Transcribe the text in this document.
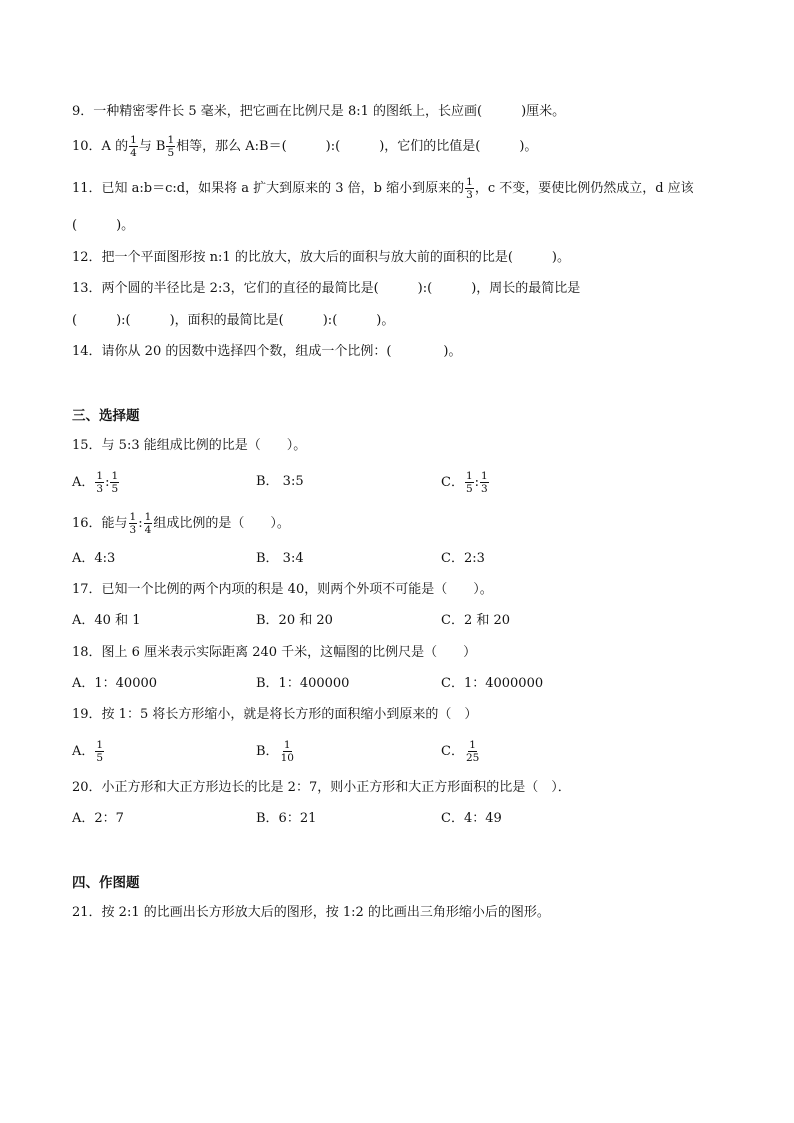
9．一种精密零件长 5 毫米，把它画在比例尺是 8:1 的图纸上，长应画(　　　)厘米。
10．A 的 $\frac{1}{4}$ 与 B $\frac{1}{5}$ 相等，那么 A:B＝(　　　):(　　　)，它们的比值是(　　　)。
11．已知 a:b＝c:d，如果将 a 扩大到原来的 3 倍，b 缩小到原来的 $\frac{1}{3}$ ，c 不变，要使比例仍然成立，d 应该
(　　　)。
12．把一个平面图形按 n:1 的比放大，放大后的面积与放大前的面积的比是(　　　)。
13．两个圆的半径比是 2:3，它们的直径的最简比是(　　　):(　　　)，周长的最简比是
(　　　):(　　　)，面积的最简比是(　　　):(　　　)。
14．请你从 20 的因数中选择四个数，组成一个比例：(　　　　)。
三、选择题
15．与 5:3 能组成比例的比是（　　）。
A． $\frac{1}{3}$ : $\frac{1}{5}$	B． 3:5	C． $\frac{1}{5}$ : $\frac{1}{3}$
16．能与 $\frac{1}{3}$ : $\frac{1}{4}$ 组成比例的是（　　）。
A．4:3	B． 3:4	C．2:3
17．已知一个比例的两个内项的积是 40，则两个外项不可能是（　　）。
A．40 和 1	B．20 和 20	C．2 和 20
18．图上 6 厘米表示实际距离 240 千米，这幅图的比例尺是（　　）
A．1：40000	B．1：400000	C．1：4000000
19．按 1：5 将长方形缩小，就是将长方形的面积缩小到原来的（　）
A． $\frac{1}{5}$	B． $\frac{1}{10}$	C． $\frac{1}{25}$
20．小正方形和大正方形边长的比是 2：7，则小正方形和大正方形面积的比是（　）．
A．2：7	B．6：21	C．4：49
四、作图题
21．按 2:1 的比画出长方形放大后的图形，按 1:2 的比画出三角形缩小后的图形。
